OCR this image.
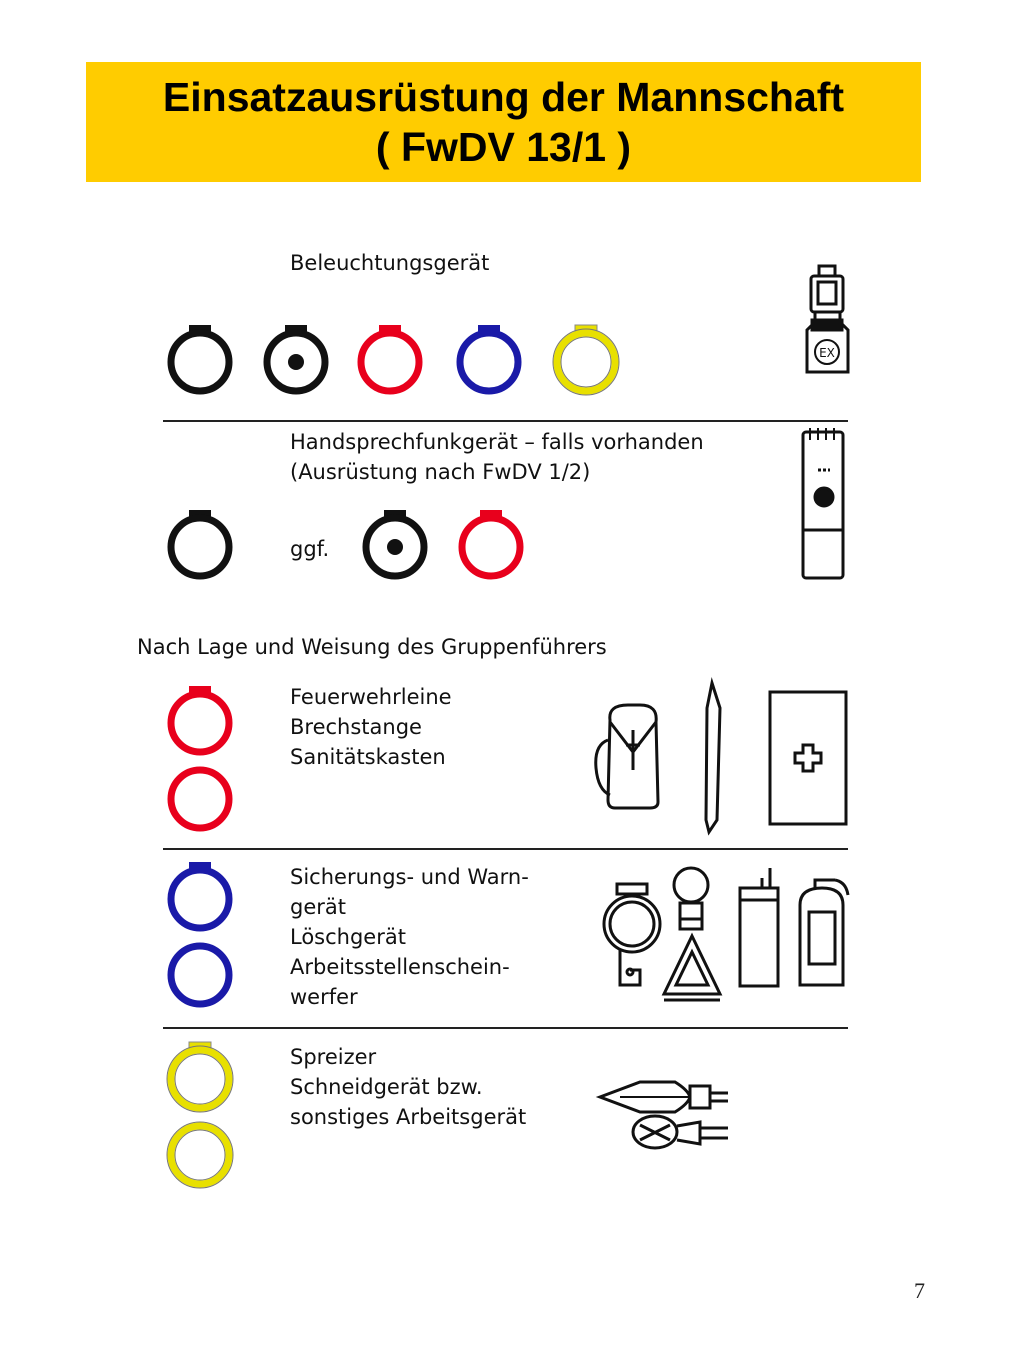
Einsatzausrüstung der Mannschaft
( FwDV 13/1 )
EX
Beleuchtungsgerät
Handsprechfunkgerät – falls vorhanden
(Ausrüstung nach FwDV 1/2)
ggf.
Nach Lage und Weisung des Gruppenführers
Feuerwehrleine
Brechstange
Sanitätskasten
Sicherungs- und Warn-
gerät
Löschgerät
Arbeitsstellenschein-
werfer
Spreizer
Schneidgerät bzw.
sonstiges Arbeitsgerät
7
